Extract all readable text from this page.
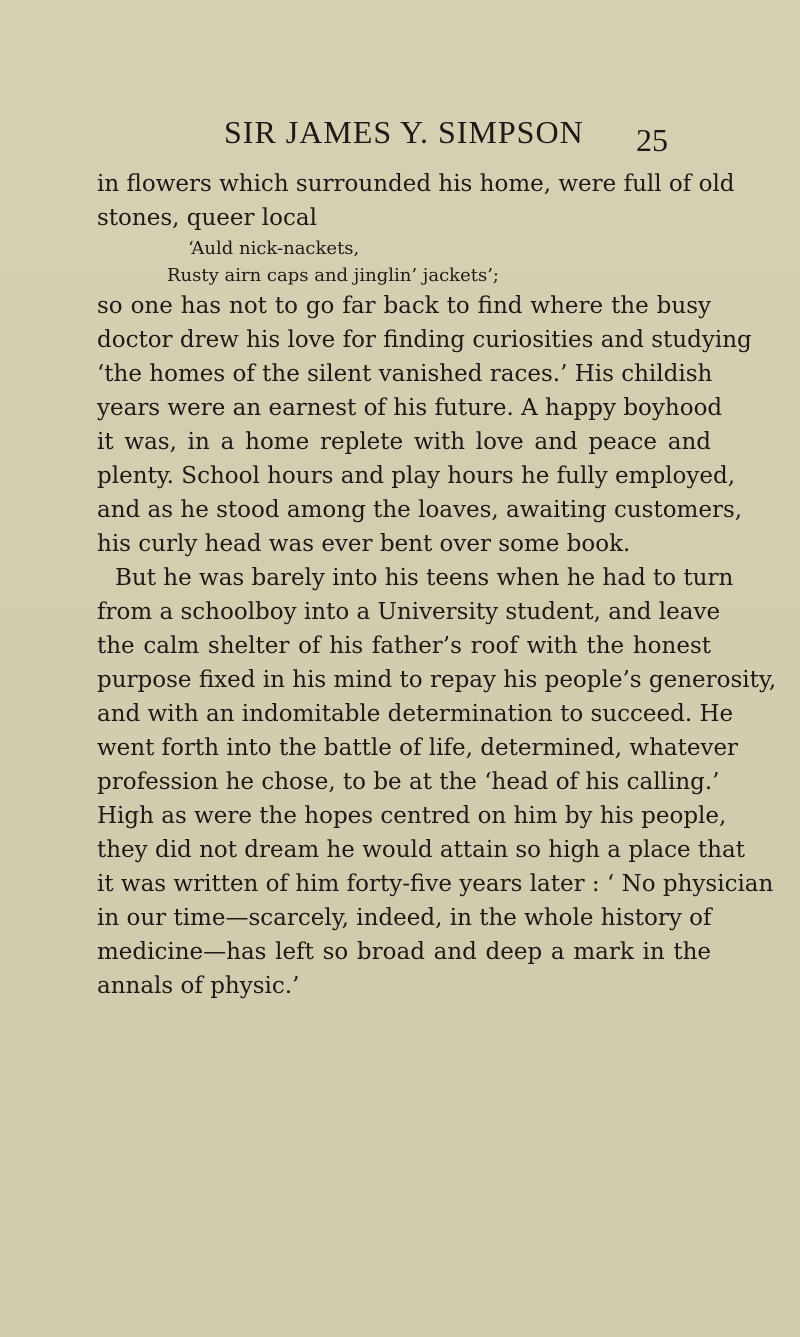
SIR JAMES Y. SIMPSON 25
in flowers which surrounded his home, were full of old
stones, queer local
‘Auld nick-nackets,
Rusty airn caps and jinglin’ jackets’;
so one has not to go far back to find where the busy
doctor drew his love for finding curiosities and studying
‘the homes of the silent vanished races.’ His childish
years were an earnest of his future. A happy boyhood
it was, in a home replete with love and peace and
plenty. School hours and play hours he fully employed,
and as he stood among the loaves, awaiting customers,
his curly head was ever bent over some book.
But he was barely into his teens when he had to turn
from a schoolboy into a University student, and leave
the calm shelter of his father’s roof with the honest
purpose fixed in his mind to repay his people’s generosity,
and with an indomitable determination to succeed. He
went forth into the battle of life, determined, whatever
profession he chose, to be at the ‘head of his calling.’
High as were the hopes centred on him by his people,
they did not dream he would attain so high a place that
it was written of him forty-five years later : ‘ No physician
in our time—scarcely, indeed, in the whole history of
medicine—has left so broad and deep a mark in the
annals of physic.’
